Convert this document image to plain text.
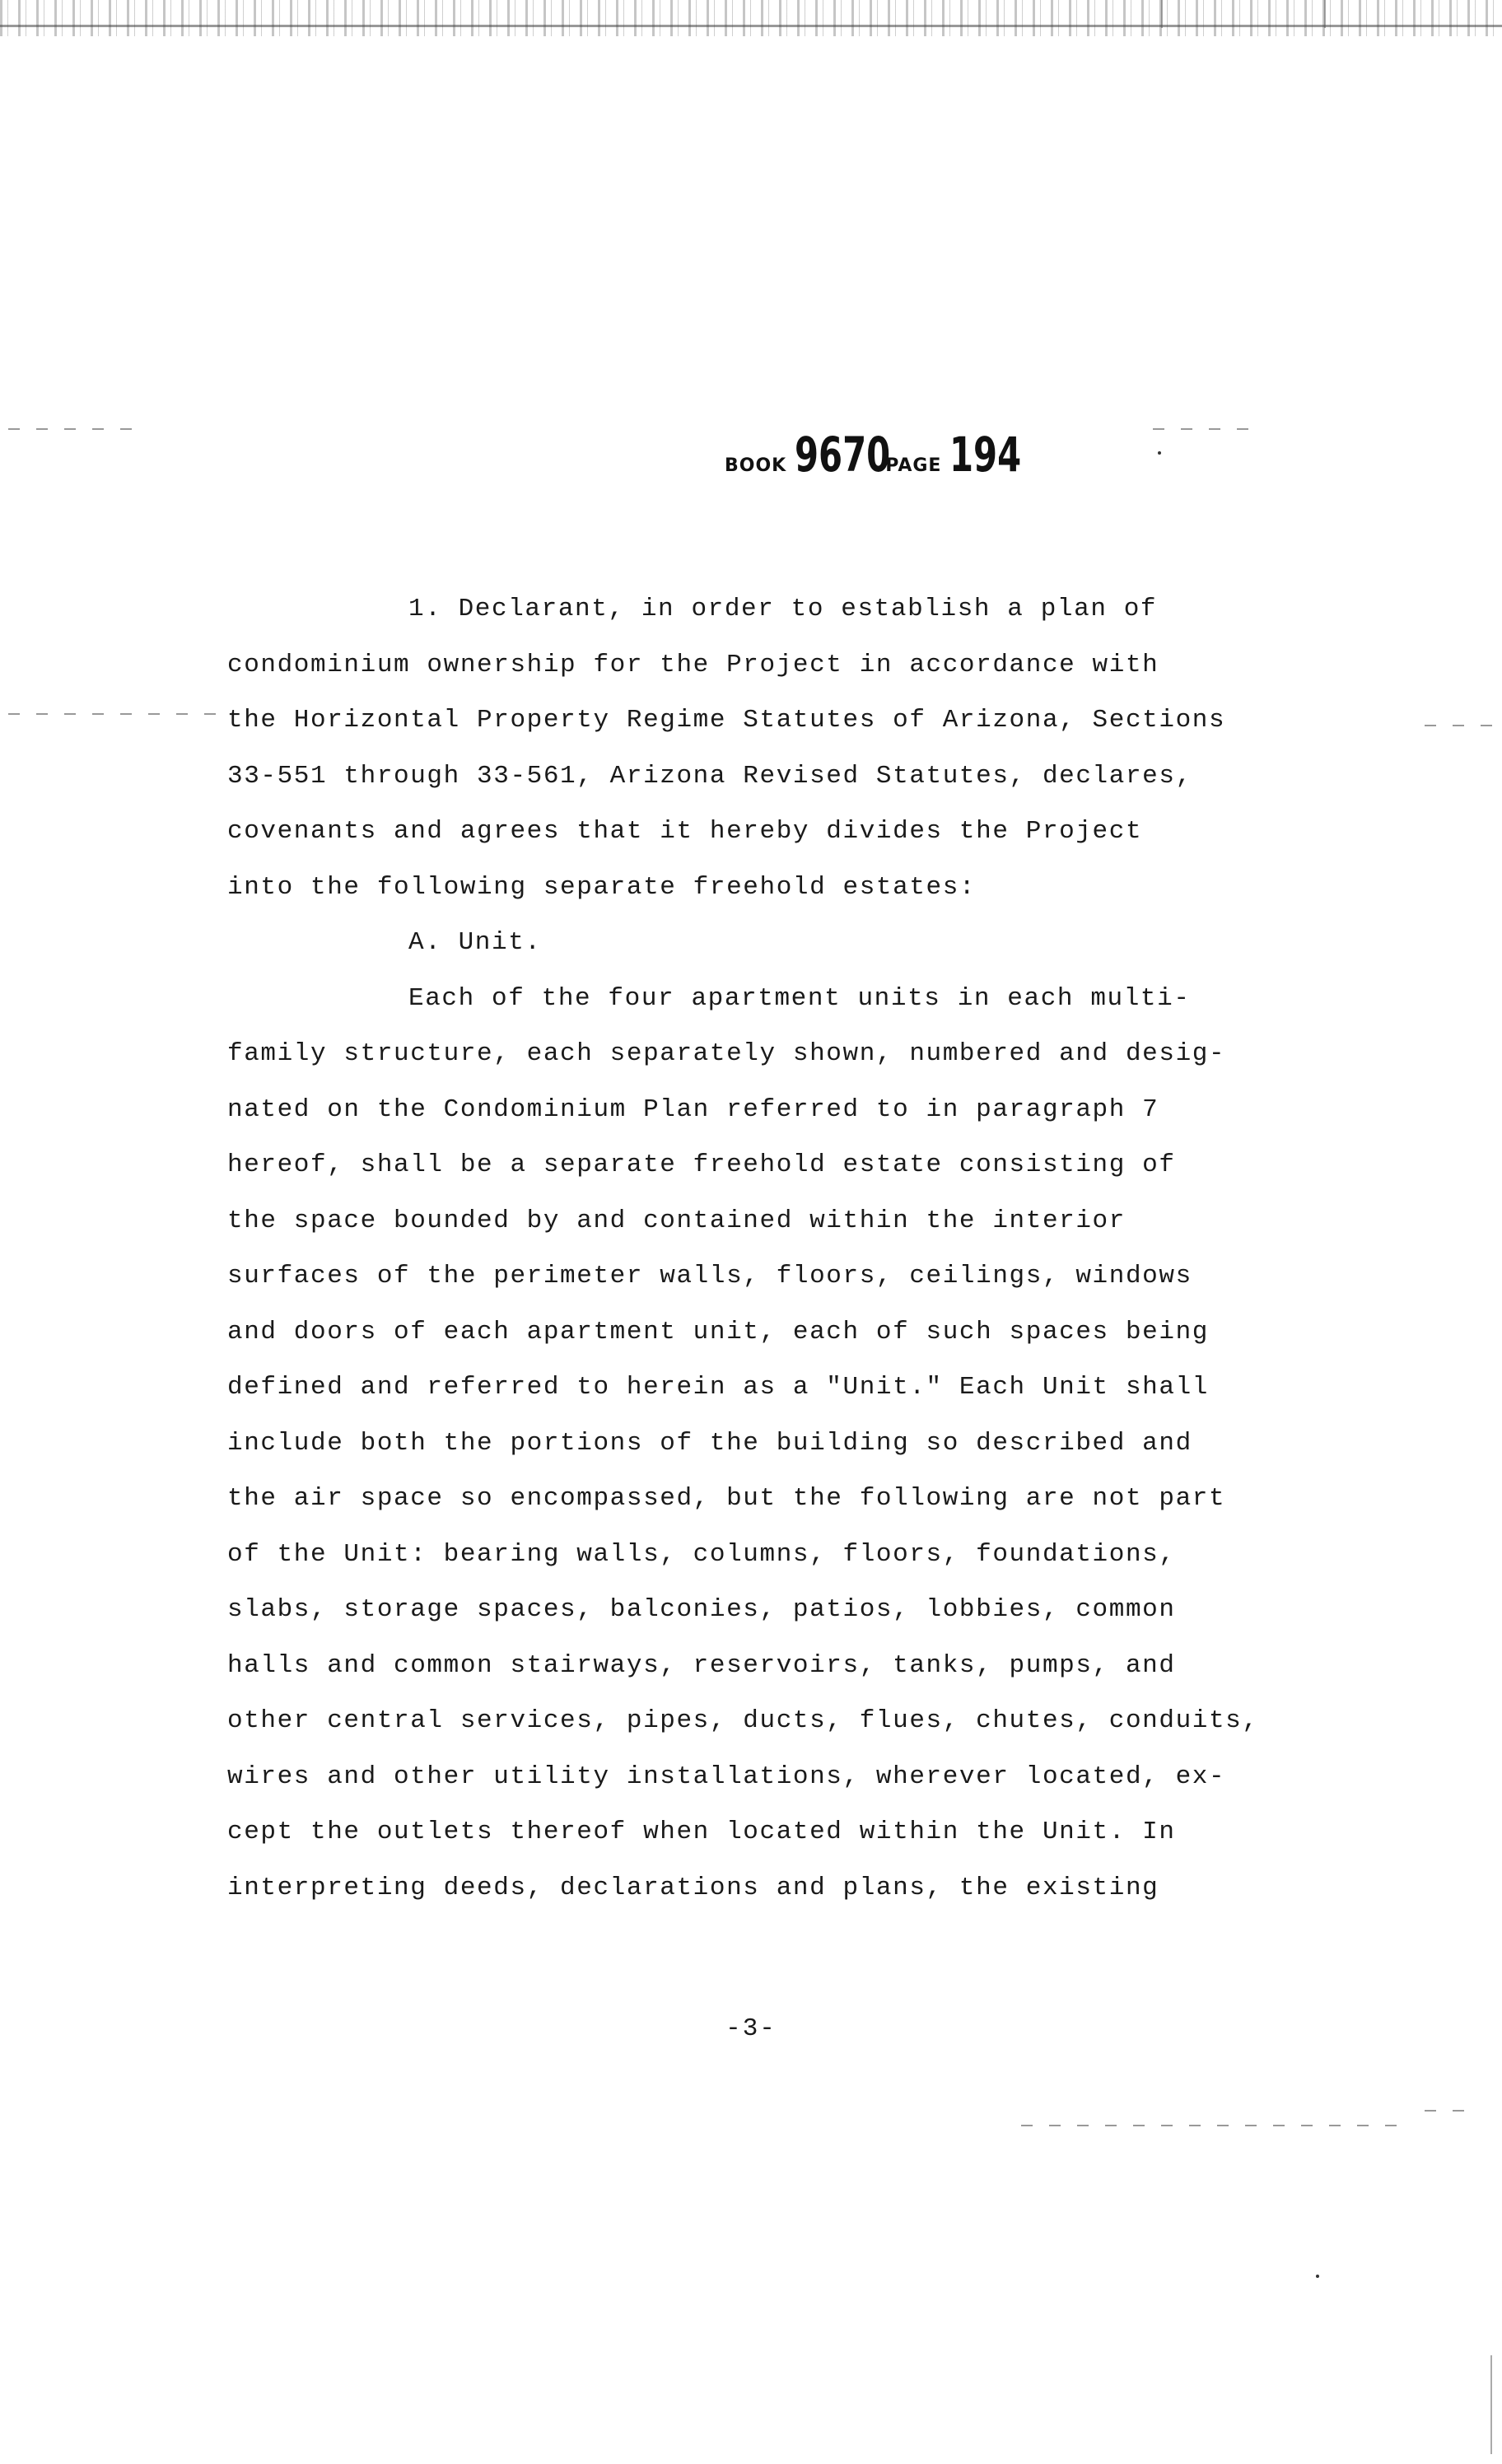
BOOK 9670
PAGE 194
1. Declarant, in order to establish a plan of
condominium ownership for the Project in accordance with
the Horizontal Property Regime Statutes of Arizona, Sections
33-551 through 33-561, Arizona Revised Statutes, declares,
covenants and agrees that it hereby divides the Project
into the following separate freehold estates:
A. Unit.
Each of the four apartment units in each multi-
family structure, each separately shown, numbered and desig-
nated on the Condominium Plan referred to in paragraph 7
hereof, shall be a separate freehold estate consisting of
the space bounded by and contained within the interior
surfaces of the perimeter walls, floors, ceilings, windows
and doors of each apartment unit, each of such spaces being
defined and referred to herein as a "Unit." Each Unit shall
include both the portions of the building so described and
the air space so encompassed, but the following are not part
of the Unit: bearing walls, columns, floors, foundations,
slabs, storage spaces, balconies, patios, lobbies, common
halls and common stairways, reservoirs, tanks, pumps, and
other central services, pipes, ducts, flues, chutes, conduits,
wires and other utility installations, wherever located, ex-
cept the outlets thereof when located within the Unit. In
interpreting deeds, declarations and plans, the existing
-3-
